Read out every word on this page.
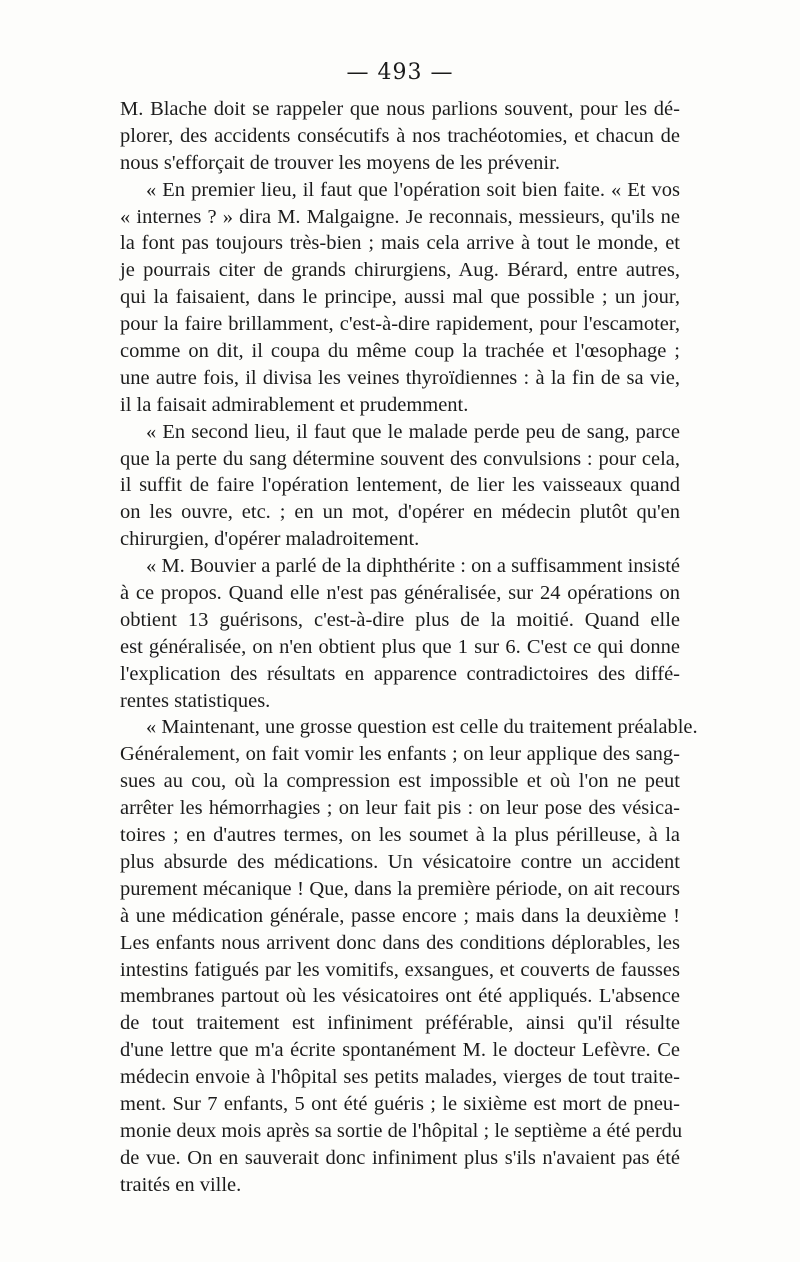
— 493 —
M. Blache doit se rappeler que nous parlions souvent, pour les dé-
plorer, des accidents consécutifs à nos trachéotomies, et chacun de
nous s'efforçait de trouver les moyens de les prévenir.
« En premier lieu, il faut que l'opération soit bien faite. « Et vos
« internes ? » dira M. Malgaigne. Je reconnais, messieurs, qu'ils ne
la font pas toujours très-bien ; mais cela arrive à tout le monde, et
je pourrais citer de grands chirurgiens, Aug. Bérard, entre autres,
qui la faisaient, dans le principe, aussi mal que possible ; un jour,
pour la faire brillamment, c'est-à-dire rapidement, pour l'escamoter,
comme on dit, il coupa du même coup la trachée et l'œsophage ;
une autre fois, il divisa les veines thyroïdiennes : à la fin de sa vie,
il la faisait admirablement et prudemment.
« En second lieu, il faut que le malade perde peu de sang, parce
que la perte du sang détermine souvent des convulsions : pour cela,
il suffit de faire l'opération lentement, de lier les vaisseaux quand
on les ouvre, etc. ; en un mot, d'opérer en médecin plutôt qu'en
chirurgien, d'opérer maladroitement.
« M. Bouvier a parlé de la diphthérite : on a suffisamment insisté
à ce propos. Quand elle n'est pas généralisée, sur 24 opérations on
obtient 13 guérisons, c'est-à-dire plus de la moitié. Quand elle
est généralisée, on n'en obtient plus que 1 sur 6. C'est ce qui donne
l'explication des résultats en apparence contradictoires des diffé-
rentes statistiques.
« Maintenant, une grosse question est celle du traitement préalable.
Généralement, on fait vomir les enfants ; on leur applique des sang-
sues au cou, où la compression est impossible et où l'on ne peut
arrêter les hémorrhagies ; on leur fait pis : on leur pose des vésica-
toires ; en d'autres termes, on les soumet à la plus périlleuse, à la
plus absurde des médications. Un vésicatoire contre un accident
purement mécanique ! Que, dans la première période, on ait recours
à une médication générale, passe encore ; mais dans la deuxième !
Les enfants nous arrivent donc dans des conditions déplorables, les
intestins fatigués par les vomitifs, exsangues, et couverts de fausses
membranes partout où les vésicatoires ont été appliqués. L'absence
de tout traitement est infiniment préférable, ainsi qu'il résulte
d'une lettre que m'a écrite spontanément M. le docteur Lefèvre. Ce
médecin envoie à l'hôpital ses petits malades, vierges de tout traite-
ment. Sur 7 enfants, 5 ont été guéris ; le sixième est mort de pneu-
monie deux mois après sa sortie de l'hôpital ; le septième a été perdu
de vue. On en sauverait donc infiniment plus s'ils n'avaient pas été
traités en ville.
